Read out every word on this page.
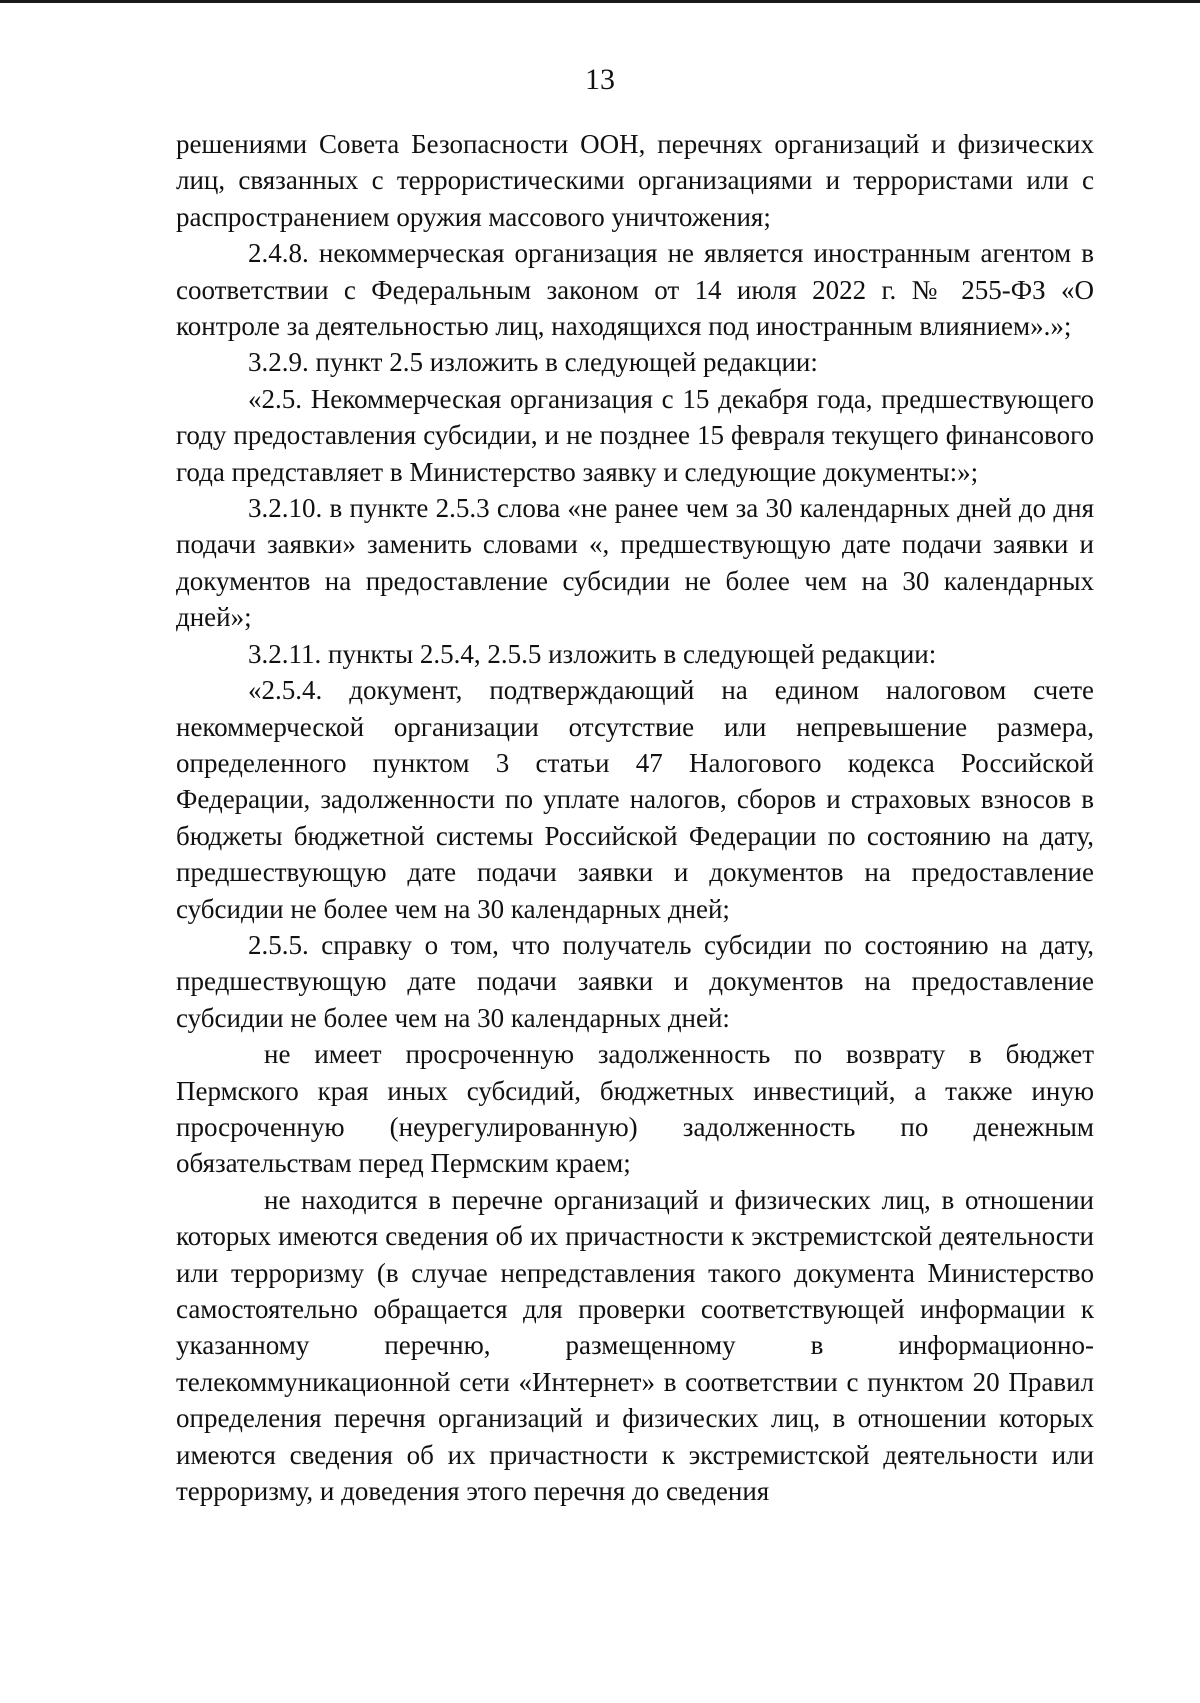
13

решениями Совета Безопасности ООН, перечнях организаций и физических лиц, связанных с террористическими организациями и террористами или с распространением оружия массового уничтожения;

2.4.8. некоммерческая организация не является иностранным агентом в соответствии с Федеральным законом от 14 июля 2022 г. № 255-ФЗ «О контроле за деятельностью лиц, находящихся под иностранным влиянием».»;

3.2.9. пункт 2.5 изложить в следующей редакции:

«2.5. Некоммерческая организация с 15 декабря года, предшествующего году предоставления субсидии, и не позднее 15 февраля текущего финансового года представляет в Министерство заявку и следующие документы:»;

3.2.10. в пункте 2.5.3 слова «не ранее чем за 30 календарных дней до дня подачи заявки» заменить словами «, предшествующую дате подачи заявки и документов на предоставление субсидии не более чем на 30 календарных дней»;

3.2.11. пункты 2.5.4, 2.5.5 изложить в следующей редакции:

«2.5.4. документ, подтверждающий на едином налоговом счете некоммерческой организации отсутствие или непревышение размера, определенного пунктом 3 статьи 47 Налогового кодекса Российской Федерации, задолженности по уплате налогов, сборов и страховых взносов в бюджеты бюджетной системы Российской Федерации по состоянию на дату, предшествующую дате подачи заявки и документов на предоставление субсидии не более чем на 30 календарных дней;

2.5.5. справку о том, что получатель субсидии по состоянию на дату, предшествующую дате подачи заявки и документов на предоставление субсидии не более чем на 30 календарных дней:

не имеет просроченную задолженность по возврату в бюджет Пермского края иных субсидий, бюджетных инвестиций, а также иную просроченную (неурегулированную) задолженность по денежным обязательствам перед Пермским краем;

не находится в перечне организаций и физических лиц, в отношении которых имеются сведения об их причастности к экстремистской деятельности или терроризму (в случае непредставления такого документа Министерство самостоятельно обращается для проверки соответствующей информации к указанному перечню, размещенному в информационно-телекоммуникационной сети «Интернет» в соответствии с пунктом 20 Правил определения перечня организаций и физических лиц, в отношении которых имеются сведения об их причастности к экстремистской деятельности или терроризму, и доведения этого перечня до сведения
